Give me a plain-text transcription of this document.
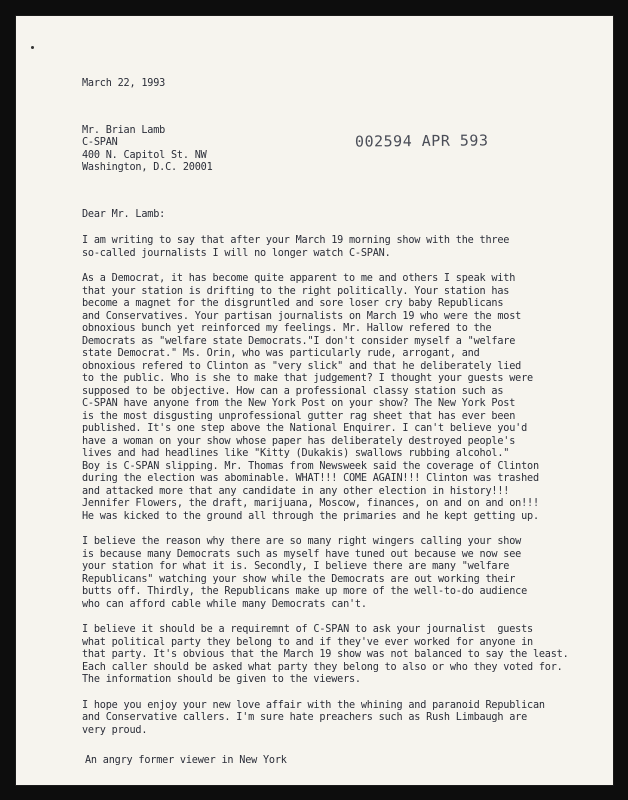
002594 APR 593
March 22, 1993
Mr. Brian Lamb
C-SPAN
400 N. Capitol St. NW
Washington, D.C. 20001
Dear Mr. Lamb:

I am writing to say that after your March 19 morning show with the three
so-called journalists I will no longer watch C-SPAN.

As a Democrat, it has become quite apparent to me and others I speak with
that your station is drifting to the right politically. Your station has
become a magnet for the disgruntled and sore loser cry baby Republicans
and Conservatives. Your partisan journalists on March 19 who were the most
obnoxious bunch yet reinforced my feelings. Mr. Hallow refered to the
Democrats as "welfare state Democrats."I don't consider myself a "welfare
state Democrat." Ms. Orin, who was particularly rude, arrogant, and
obnoxious refered to Clinton as "very slick" and that he deliberately lied
to the public. Who is she to make that judgement? I thought your guests were
supposed to be objective. How can a professional classy station such as
C-SPAN have anyone from the New York Post on your show? The New York Post
is the most disgusting unprofessional gutter rag sheet that has ever been
published. It's one step above the National Enquirer. I can't believe you'd
have a woman on your show whose paper has deliberately destroyed people's
lives and had headlines like "Kitty (Dukakis) swallows rubbing alcohol."
Boy is C-SPAN slipping. Mr. Thomas from Newsweek said the coverage of Clinton
during the election was abominable. WHAT!!! COME AGAIN!!! Clinton was trashed
and attacked more that any candidate in any other election in history!!!
Jennifer Flowers, the draft, marijuana, Moscow, finances, on and on and on!!!
He was kicked to the ground all through the primaries and he kept getting up.

I believe the reason why there are so many right wingers calling your show
is because many Democrats such as myself have tuned out because we now see
your station for what it is. Secondly, I believe there are many "welfare
Republicans" watching your show while the Democrats are out working their
butts off. Thirdly, the Republicans make up more of the well-to-do audience
who can afford cable while many Democrats can't.

I believe it should be a requiremnt of C-SPAN to ask your journalist  guests
what political party they belong to and if they've ever worked for anyone in
that party. It's obvious that the March 19 show was not balanced to say the least.
Each caller should be asked what party they belong to also or who they voted for.
The information should be given to the viewers.

I hope you enjoy your new love affair with the whining and paranoid Republican
and Conservative callers. I'm sure hate preachers such as Rush Limbaugh are
very proud.

An angry former viewer in New York
